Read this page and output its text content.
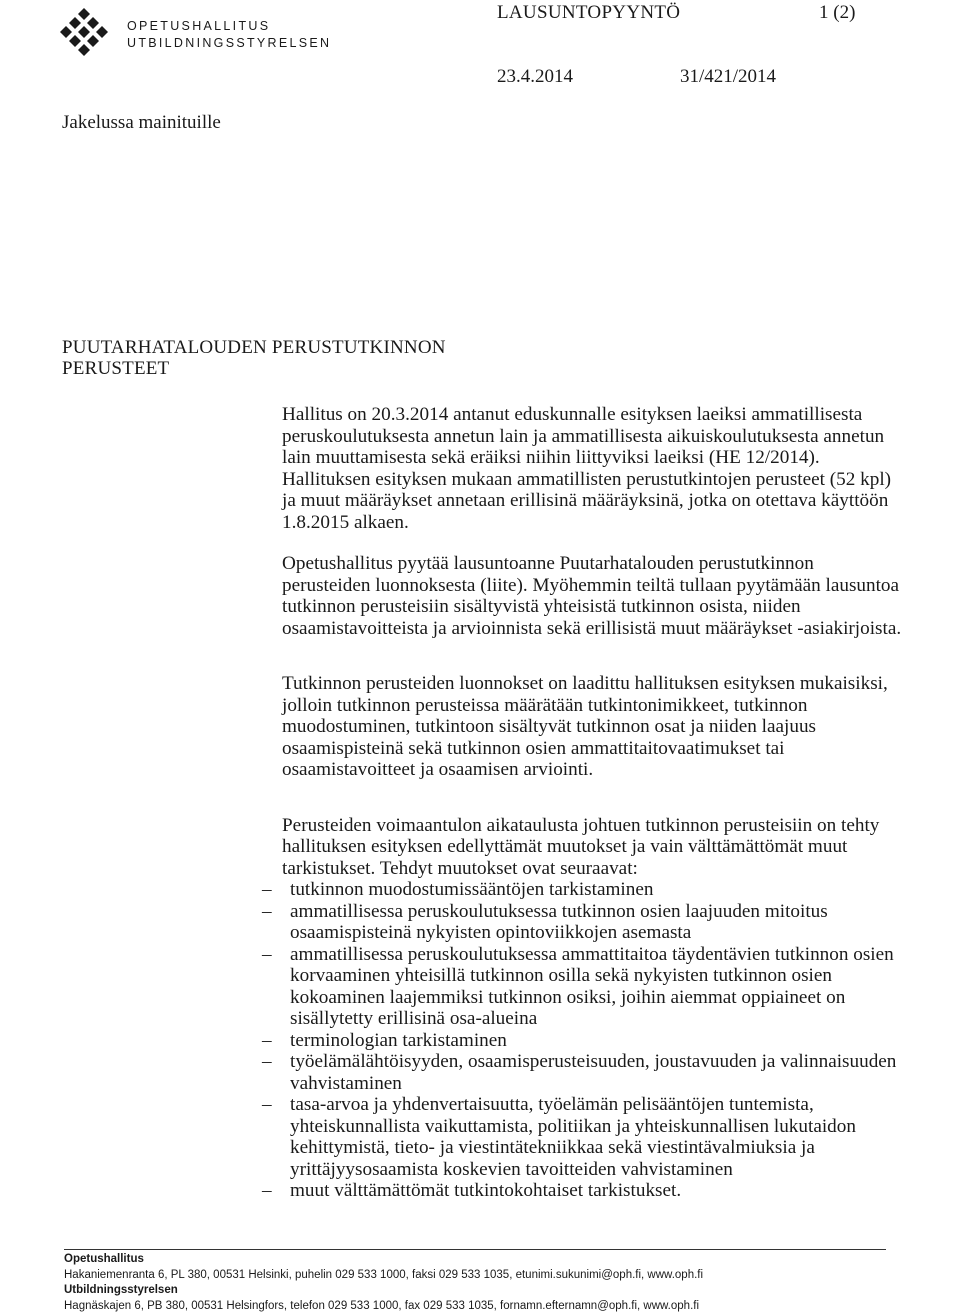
OPETUSHALLITUS
UTBILDNINGSSTYRELSEN
LAUSUNTOPYYNTÖ	1 (2)
23.4.2014	31/421/2014
Jakelussa mainituille
PUUTARHATALOUDEN PERUSTUTKINNON
PERUSTEET

Hallitus on 20.3.2014 antanut eduskunnalle esityksen laeiksi ammatillisesta peruskoulutuksesta annetun lain ja ammatillisesta aikuiskoulutuksesta annetun lain muuttamisesta sekä eräiksi niihin liittyviksi laeiksi (HE 12/2014). Hallituksen esityksen mukaan ammatillisten perustutkintojen perusteet (52 kpl) ja muut määräykset annetaan erillisinä määräyksinä, jotka on otettava käyttöön 1.8.2015 alkaen.

Opetushallitus pyytää lausuntoanne Puutarhatalouden perustutkinnon perusteiden luonnoksesta (liite). Myöhemmin teiltä tullaan pyytämään lausuntoa tutkinnon perusteisiin sisältyvistä yhteisistä tutkinnon osista, niiden osaamistavoitteista ja arvioinnista sekä erillisistä muut määräykset -asiakirjoista.

Tutkinnon perusteiden luonnokset on laadittu hallituksen esityksen mukaisiksi, jolloin tutkinnon perusteissa määrätään tutkintonimikkeet, tutkinnon muodostuminen, tutkintoon sisältyvät tutkinnon osat ja niiden laajuus osaamispisteinä sekä tutkinnon osien ammattitaitovaatimukset tai osaamistavoitteet ja osaamisen arviointi.

Perusteiden voimaantulon aikataulusta johtuen tutkinnon perusteisiin on tehty hallituksen esityksen edellyttämät muutokset ja vain välttämättömät muut tarkistukset. Tehdyt muutokset ovat seuraavat:

– tutkinnon muodostumissääntöjen tarkistaminen
– ammatillisessa peruskoulutuksessa tutkinnon osien laajuuden mitoitus osaamispisteinä nykyisten opintoviikkojen asemasta
– ammatillisessa peruskoulutuksessa ammattitaitoa täydentävien tutkinnon osien korvaaminen yhteisillä tutkinnon osilla sekä nykyisten tutkinnon osien kokoaminen laajemmiksi tutkinnon osiksi, joihin aiemmat oppiaineet on sisällytetty erillisinä osa-alueina
– terminologian tarkistaminen
– työelämälähtöisyyden, osaamisperusteisuuden, joustavuuden ja valinnaisuuden vahvistaminen
– tasa-arvoa ja yhdenvertaisuutta, työelämän pelisääntöjen tuntemista, yhteiskunnallista vaikuttamista, politiikan ja yhteiskunnallisen lukutaidon kehittymistä, tieto- ja viestintätekniikkaa sekä viestintävalmiuksia ja yrittäjyysosaamista koskevien tavoitteiden vahvistaminen
– muut välttämättömät tutkintokohtaiset tarkistukset.
Opetushallitus
Hakaniemenranta 6, PL 380, 00531 Helsinki, puhelin 029 533 1000, faksi 029 533 1035, etunimi.sukunimi@oph.fi, www.oph.fi
Utbildningsstyrelsen
Hagnäskajen 6, PB 380, 00531 Helsingfors, telefon 029 533 1000, fax 029 533 1035, fornamn.efternamn@oph.fi, www.oph.fi
